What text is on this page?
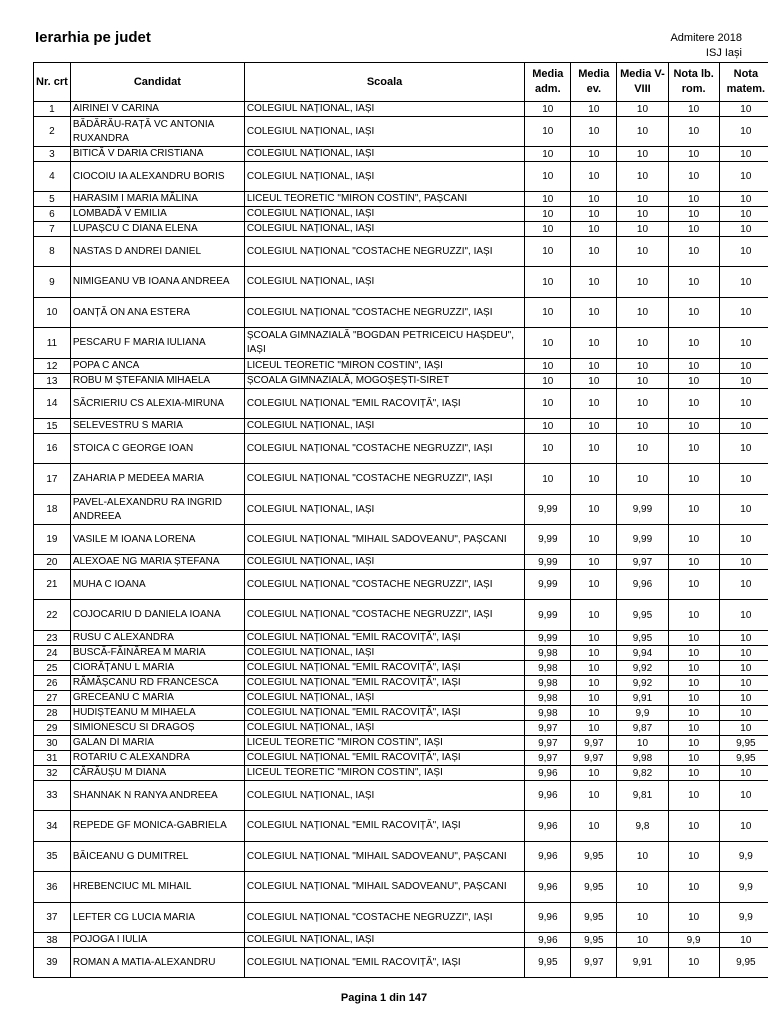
Ierarhia pe judet	Admitere 2018
ISJ Iași
Nr. crt	Candidat	Scoala	Media adm.	Media ev.	Media V-VIII	Nota lb. rom.	Nota matem.
1	AIRINEI V CARINA	COLEGIUL NAȚIONAL, IAȘI	10	10	10	10	10
2	BĂDĂRĂU-RAȚĂ VC ANTONIA RUXANDRA	COLEGIUL NAȚIONAL, IAȘI	10	10	10	10	10
3	BITICĂ V DARIA CRISTIANA	COLEGIUL NAȚIONAL, IAȘI	10	10	10	10	10
4	CIOCOIU IA ALEXANDRU BORIS	COLEGIUL NAȚIONAL, IAȘI	10	10	10	10	10
5	HARASIM I MARIA MĂLINA	LICEUL TEORETIC "MIRON COSTIN", PAȘCANI	10	10	10	10	10
6	LOMBADĂ V EMILIA	COLEGIUL NAȚIONAL, IAȘI	10	10	10	10	10
7	LUPAȘCU C DIANA ELENA	COLEGIUL NAȚIONAL, IAȘI	10	10	10	10	10
8	NASTAS D ANDREI DANIEL	COLEGIUL NAȚIONAL "COSTACHE NEGRUZZI", IAȘI	10	10	10	10	10
9	NIMIGEANU VB IOANA ANDREEA	COLEGIUL NAȚIONAL, IAȘI	10	10	10	10	10
10	OANȚĂ ON ANA ESTERA	COLEGIUL NAȚIONAL "COSTACHE NEGRUZZI", IAȘI	10	10	10	10	10
11	PESCARU F MARIA IULIANA	ȘCOALA GIMNAZIALĂ "BOGDAN PETRICEICU HAȘDEU", IAȘI	10	10	10	10	10
12	POPA C ANCA	LICEUL TEORETIC "MIRON COSTIN", IAȘI	10	10	10	10	10
13	ROBU M ȘTEFANIA MIHAELA	ȘCOALA GIMNAZIALĂ, MOGOȘEȘTI-SIRET	10	10	10	10	10
14	SĂCRIERIU CS ALEXIA-MIRUNA	COLEGIUL NAȚIONAL "EMIL RACOVIȚĂ", IAȘI	10	10	10	10	10
15	SELEVESTRU S MARIA	COLEGIUL NAȚIONAL, IAȘI	10	10	10	10	10
16	STOICA C GEORGE IOAN	COLEGIUL NAȚIONAL "COSTACHE NEGRUZZI", IAȘI	10	10	10	10	10
17	ZAHARIA P MEDEEA MARIA	COLEGIUL NAȚIONAL "COSTACHE NEGRUZZI", IAȘI	10	10	10	10	10
18	PAVEL-ALEXANDRU RA INGRID ANDREEA	COLEGIUL NAȚIONAL, IAȘI	9,99	10	9,99	10	10
19	VASILE M IOANA LORENA	COLEGIUL NAȚIONAL "MIHAIL SADOVEANU", PAȘCANI	9,99	10	9,99	10	10
20	ALEXOAE NG MARIA ȘTEFANA	COLEGIUL NAȚIONAL, IAȘI	9,99	10	9,97	10	10
21	MUHA C IOANA	COLEGIUL NAȚIONAL "COSTACHE NEGRUZZI", IAȘI	9,99	10	9,96	10	10
22	COJOCARIU D DANIELA IOANA	COLEGIUL NAȚIONAL "COSTACHE NEGRUZZI", IAȘI	9,99	10	9,95	10	10
23	RUSU C ALEXANDRA	COLEGIUL NAȚIONAL "EMIL RACOVIȚĂ", IAȘI	9,99	10	9,95	10	10
24	BUSCĂ-FĂINĂREA M MARIA	COLEGIUL NAȚIONAL, IAȘI	9,98	10	9,94	10	10
25	CIORĂȚANU L MARIA	COLEGIUL NAȚIONAL "EMIL RACOVIȚĂ", IAȘI	9,98	10	9,92	10	10
26	RĂMĂȘCANU RD FRANCESCA	COLEGIUL NAȚIONAL "EMIL RACOVIȚĂ", IAȘI	9,98	10	9,92	10	10
27	GRECEANU C MARIA	COLEGIUL NAȚIONAL, IAȘI	9,98	10	9,91	10	10
28	HUDIȘTEANU M MIHAELA	COLEGIUL NAȚIONAL "EMIL RACOVIȚĂ", IAȘI	9,98	10	9,9	10	10
29	SIMIONESCU SI DRAGOȘ	COLEGIUL NAȚIONAL, IAȘI	9,97	10	9,87	10	10
30	GALAN DI MARIA	LICEUL TEORETIC "MIRON COSTIN", IAȘI	9,97	9,97	10	10	9,95
31	ROTARIU C ALEXANDRA	COLEGIUL NAȚIONAL "EMIL RACOVIȚĂ", IAȘI	9,97	9,97	9,98	10	9,95
32	CĂRĂUȘU M DIANA	LICEUL TEORETIC "MIRON COSTIN", IAȘI	9,96	10	9,82	10	10
33	SHANNAK N RANYA ANDREEA	COLEGIUL NAȚIONAL, IAȘI	9,96	10	9,81	10	10
34	REPEDE GF MONICA-GABRIELA	COLEGIUL NAȚIONAL "EMIL RACOVIȚĂ", IAȘI	9,96	10	9,8	10	10
35	BĂICEANU G DUMITREL	COLEGIUL NAȚIONAL "MIHAIL SADOVEANU", PAȘCANI	9,96	9,95	10	10	9,9
36	HREBENCIUC ML MIHAIL	COLEGIUL NAȚIONAL "MIHAIL SADOVEANU", PAȘCANI	9,96	9,95	10	10	9,9
37	LEFTER CG LUCIA MARIA	COLEGIUL NAȚIONAL "COSTACHE NEGRUZZI", IAȘI	9,96	9,95	10	10	9,9
38	POJOGA I IULIA	COLEGIUL NAȚIONAL, IAȘI	9,96	9,95	10	9,9	10
39	ROMAN A MATIA-ALEXANDRU	COLEGIUL NAȚIONAL "EMIL RACOVIȚĂ", IAȘI	9,95	9,97	9,91	10	9,95
Pagina 1 din 147
